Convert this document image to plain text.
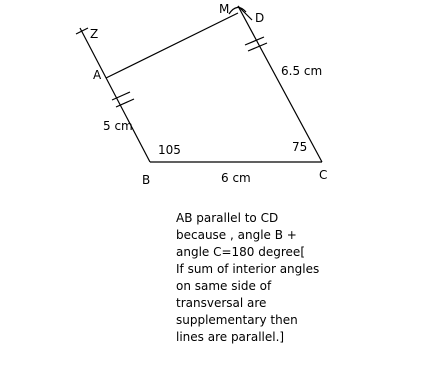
Z
M
D
A
B	C
5 cm
6.5 cm
6 cm
105	75
AB parallel to CD
because , angle B +
angle C=180 degree[
If sum of interior angles
on same side of
transversal are
supplementary then
lines are parallel.]
